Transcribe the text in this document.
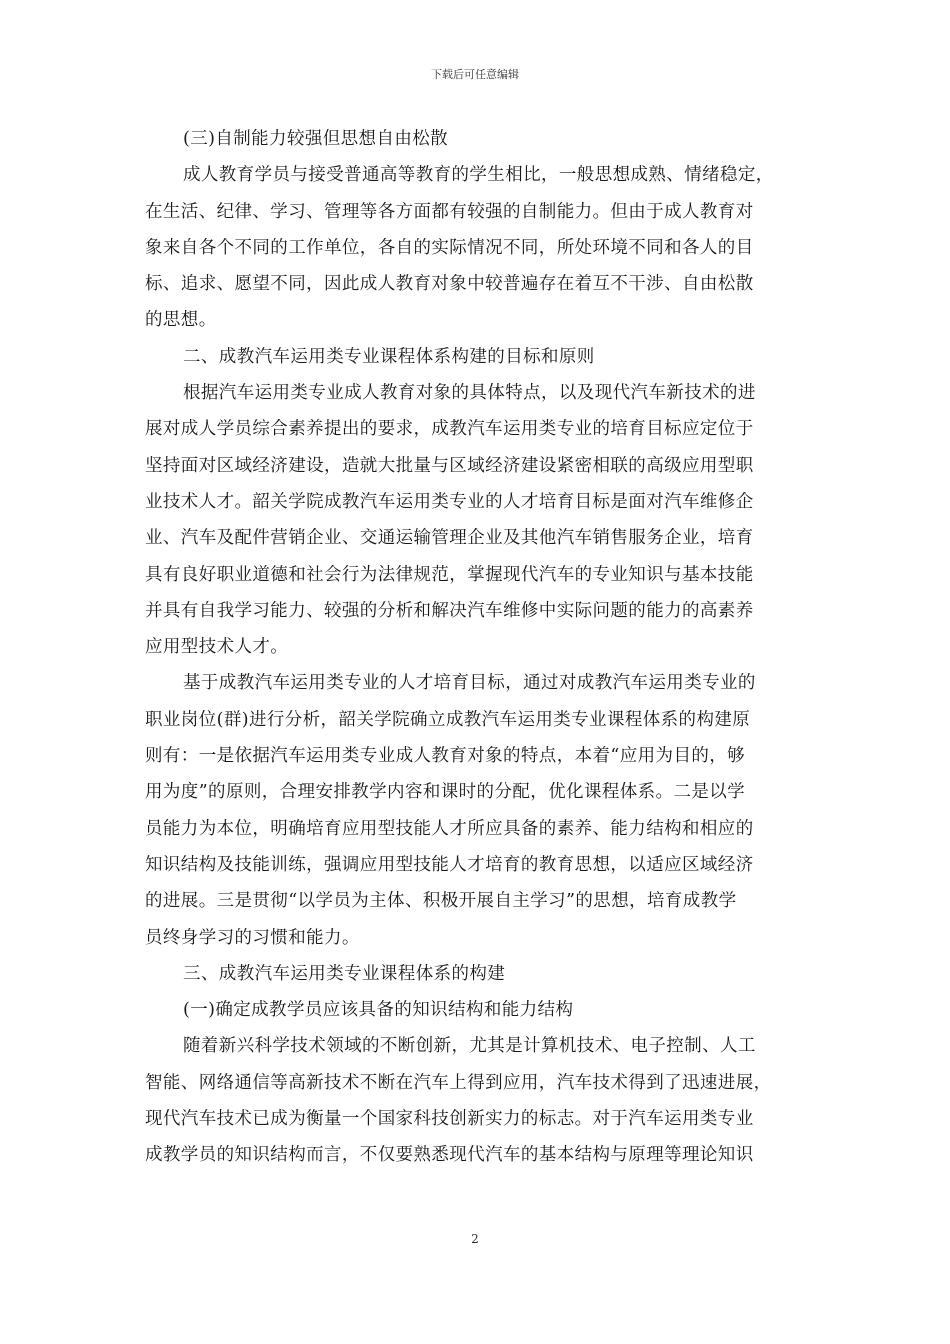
下载后可任意编辑
(三)自制能力较强但思想自由松散
成人教育学员与接受普通高等教育的学生相比，一般思想成熟、情绪稳定，
在生活、纪律、学习、管理等各方面都有较强的自制能力。但由于成人教育对
象来自各个不同的工作单位，各自的实际情况不同，所处环境不同和各人的目
标、追求、愿望不同，因此成人教育对象中较普遍存在着互不干涉、自由松散
的思想。
二、成教汽车运用类专业课程体系构建的目标和原则
根据汽车运用类专业成人教育对象的具体特点，以及现代汽车新技术的进
展对成人学员综合素养提出的要求，成教汽车运用类专业的培育目标应定位于
坚持面对区域经济建设，造就大批量与区域经济建设紧密相联的高级应用型职
业技术人才。韶关学院成教汽车运用类专业的人才培育目标是面对汽车维修企
业、汽车及配件营销企业、交通运输管理企业及其他汽车销售服务企业，培育
具有良好职业道德和社会行为法律规范，掌握现代汽车的专业知识与基本技能
并具有自我学习能力、较强的分析和解决汽车维修中实际问题的能力的高素养
应用型技术人才。
基于成教汽车运用类专业的人才培育目标，通过对成教汽车运用类专业的
职业岗位(群)进行分析，韶关学院确立成教汽车运用类专业课程体系的构建原
则有：一是依据汽车运用类专业成人教育对象的特点，本着“应用为目的，够
用为度”的原则，合理安排教学内容和课时的分配，优化课程体系。二是以学
员能力为本位，明确培育应用型技能人才所应具备的素养、能力结构和相应的
知识结构及技能训练，强调应用型技能人才培育的教育思想，以适应区域经济
的进展。三是贯彻“以学员为主体、积极开展自主学习”的思想，培育成教学
员终身学习的习惯和能力。
三、成教汽车运用类专业课程体系的构建
(一)确定成教学员应该具备的知识结构和能力结构
随着新兴科学技术领域的不断创新，尤其是计算机技术、电子控制、人工
智能、网络通信等高新技术不断在汽车上得到应用，汽车技术得到了迅速进展，
现代汽车技术已成为衡量一个国家科技创新实力的标志。对于汽车运用类专业
成教学员的知识结构而言，不仅要熟悉现代汽车的基本结构与原理等理论知识
2
